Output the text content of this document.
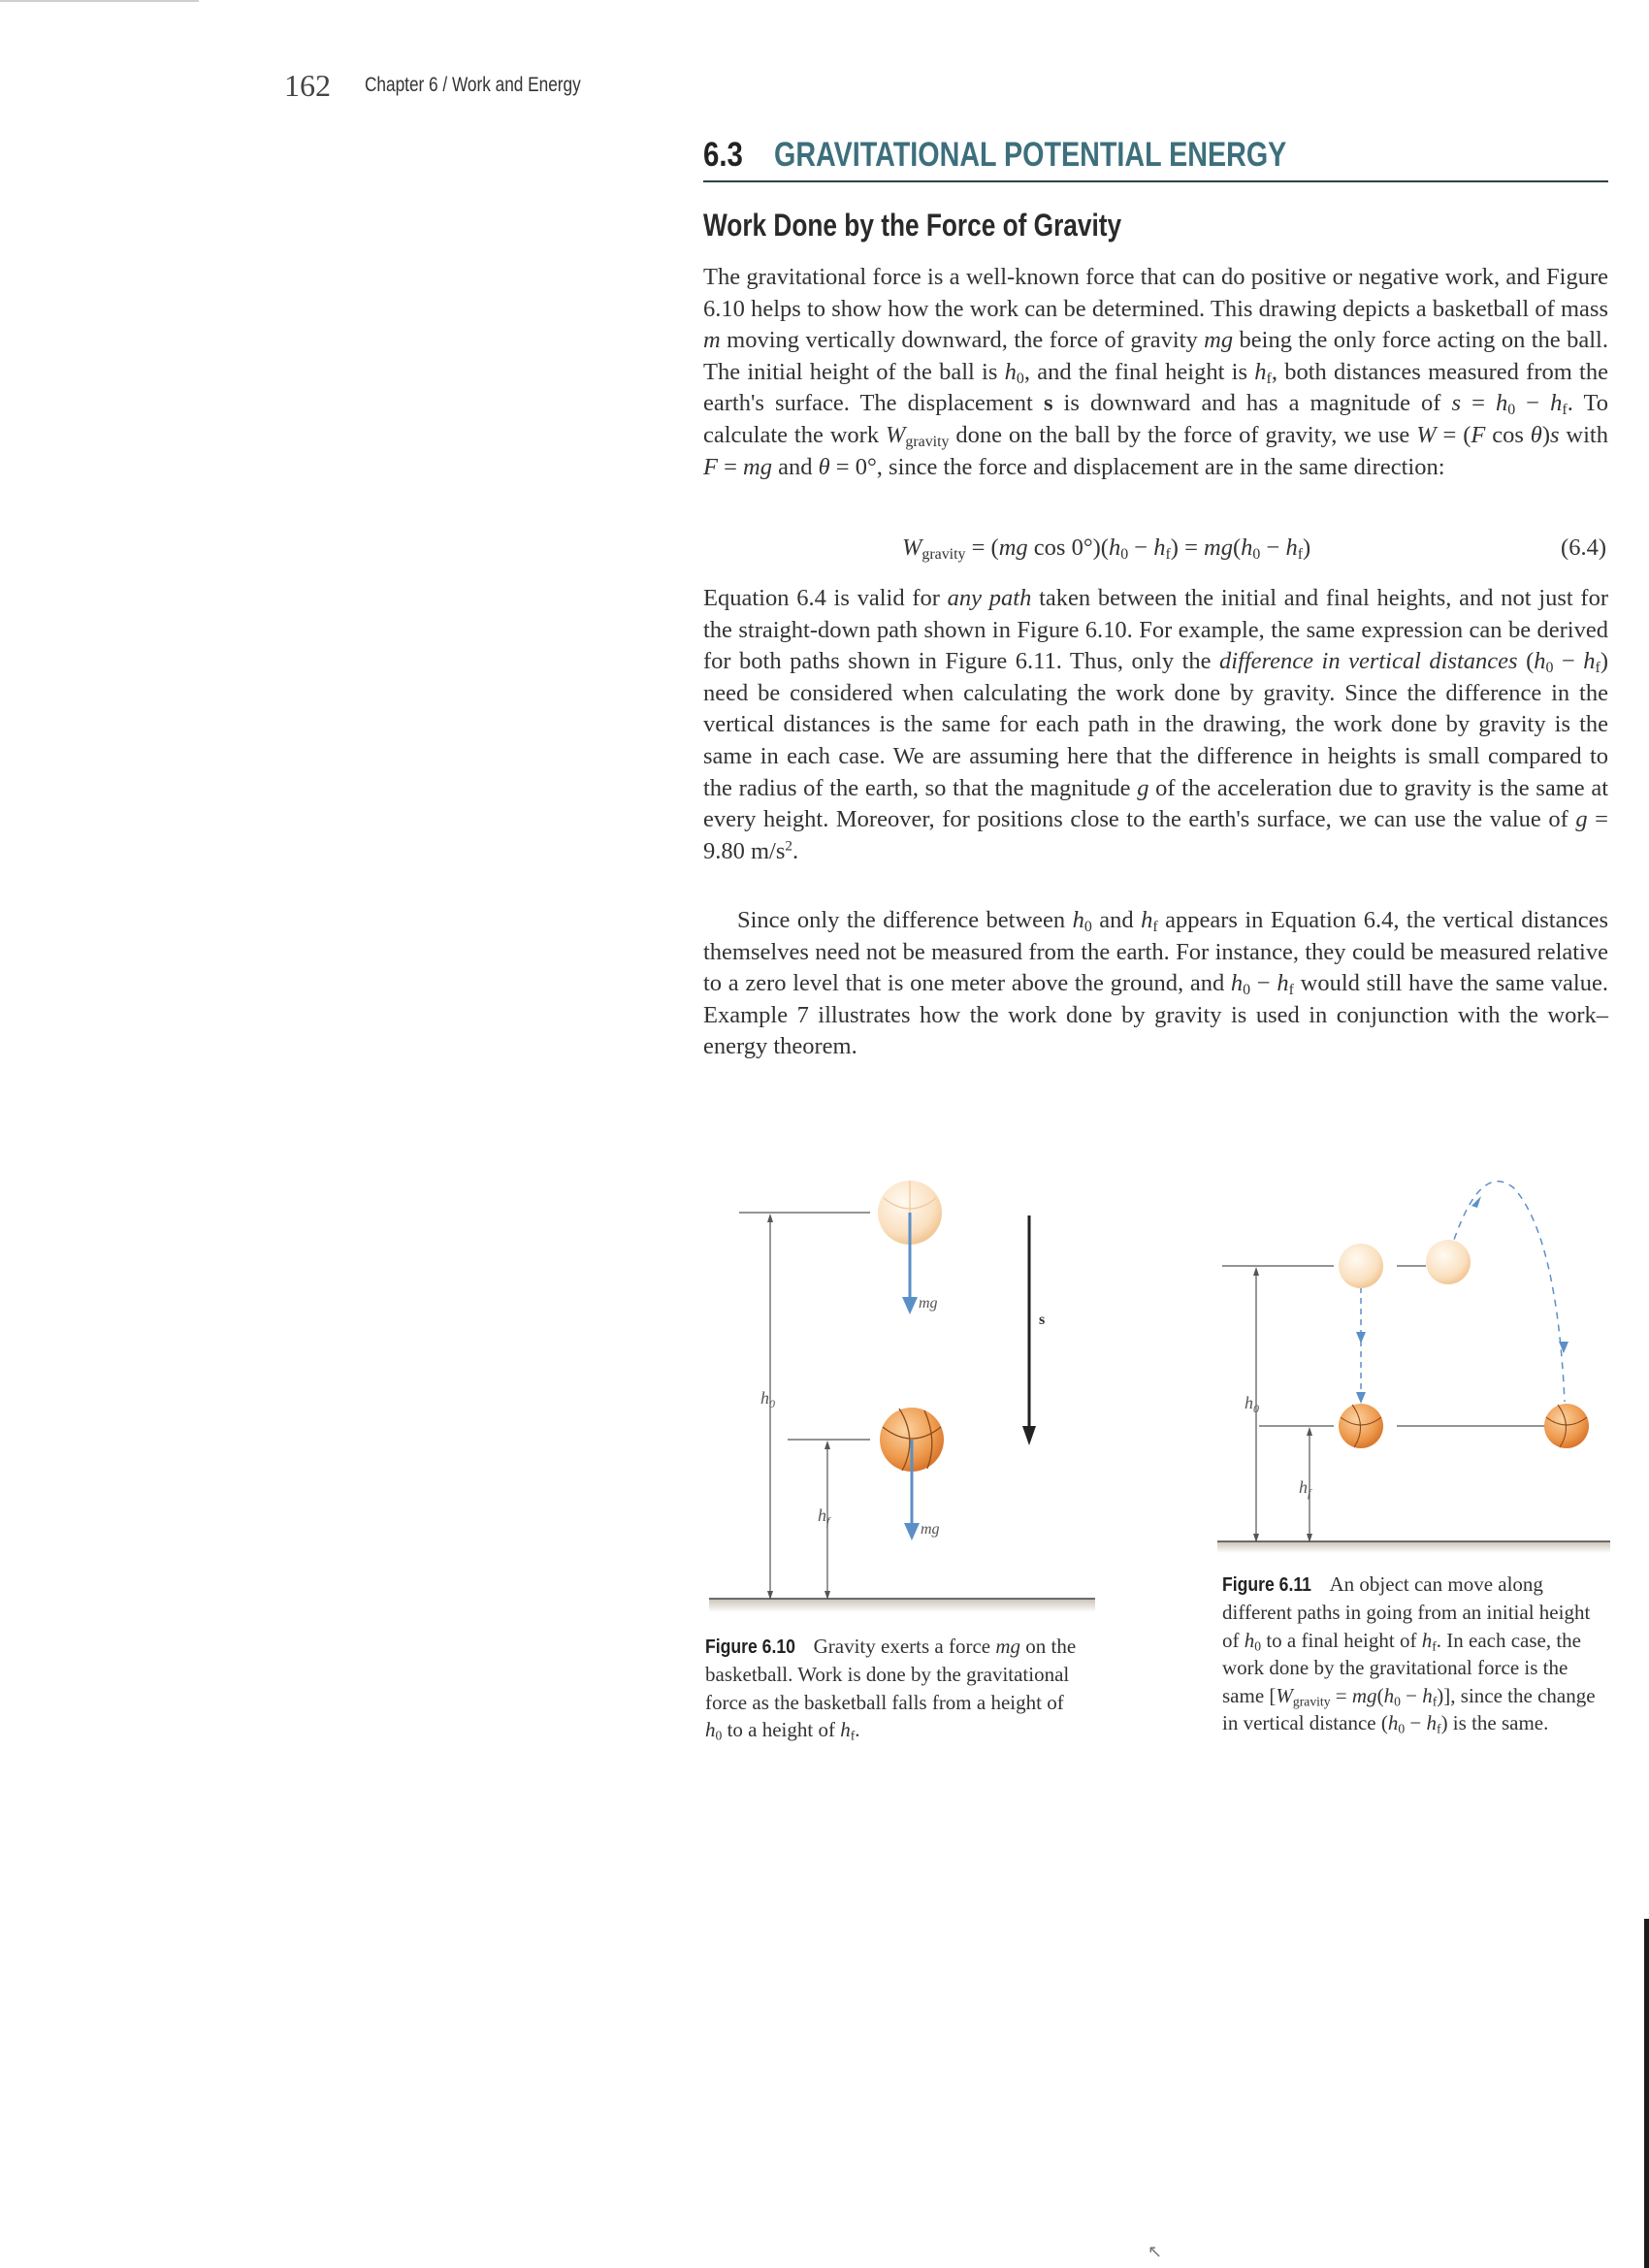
162 Chapter 6 / Work and Energy
6.3 GRAVITATIONAL POTENTIAL ENERGY
Work Done by the Force of Gravity

The gravitational force is a well-known force that can do positive or negative work, and Figure 6.10 helps to show how the work can be determined. This drawing depicts a basketball of mass m moving vertically downward, the force of gravity mg being the only force acting on the ball. The initial height of the ball is $h_0$, and the final height is $h_f$, both distances measured from the earth's surface. The displacement s is downward and has a magnitude of $s = h_0 - h_f$. To calculate the work $W_{gravity}$ done on the ball by the force of gravity, we use W = (F cos θ)s with F = mg and θ = 0°, since the force and displacement are in the same direction:

$W_{gravity} = (mg$ $\cos 0^\circ)(h_0 - h_f) = mg(h_0 - h_f)$	(6.4)

Equation 6.4 is valid for any path taken between the initial and final heights, and not just for the straight-down path shown in Figure 6.10. For example, the same expression can be derived for both paths shown in Figure 6.11. Thus, only the difference in vertical distances $(h_0 - h_f)$ need be considered when calculating the work done by gravity. Since the difference in the vertical distances is the same for each path in the drawing, the work done by gravity is the same in each case. We are assuming here that the difference in heights is small compared to the radius of the earth, so that the magnitude g of the acceleration due to gravity is the same at every height. Moreover, for positions close to the earth's surface, we can use the value of g = 9.80 $m/s^2$.

Since only the difference between $h_0$ and $h_f$ appears in Equation 6.4, the vertical distances themselves need not be measured from the earth. For instance, they could be measured relative to a zero level that is one meter above the ground, and $h_0 - h_f$ would still have the same value. Example 7 illustrates how the work done by gravity is used in conjunction with the work–energy theorem.

$h_0$
$h_f$
mg
mg
s
Figure 6.10 Gravity exerts a force mg on the basketball. Work is done by the gravitational force as the basketball falls from a height of $h_0$ to a height of $h_f$.
$h_0$
$h_f$
Figure 6.11 An object can move along different paths in going from an initial height of $h_0$ to a final height of $h_f$. In each case, the work done by the gravitational force is the same $[W_{gravity} = mg(h_0 - h_f)]$, since the change in vertical distance $(h_0 - h_f)$ is the same.
↖
